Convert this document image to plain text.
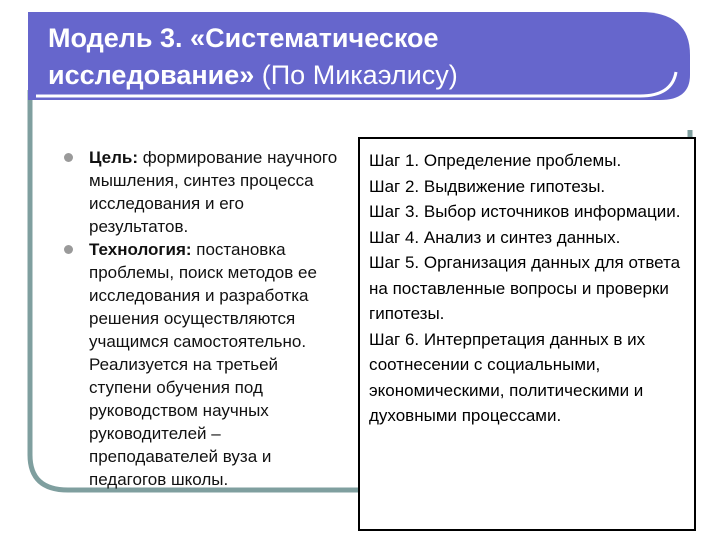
Модель 3. «Систематическое
исследование» (По Микаэлису)
Цель: формирование научного мышления, синтез процесса исследования и его результатов.
Технология: постановка проблемы, поиск методов ее исследования и разработка решения осуществляются учащимся самостоятельно. Реализуется на третьей ступени обучения под руководством научных руководителей – преподавателей вуза и педагогов школы.

Шаг 1. Определение проблемы.

Шаг 2. Выдвижение гипотезы.

Шаг 3. Выбор источников информации.

Шаг 4. Анализ и синтез данных.

Шаг 5. Организация данных для ответа на поставленные вопросы и проверки гипотезы.

Шаг 6. Интерпретация данных в их соотнесении с социальными, экономическими, политическими и духовными процессами.
